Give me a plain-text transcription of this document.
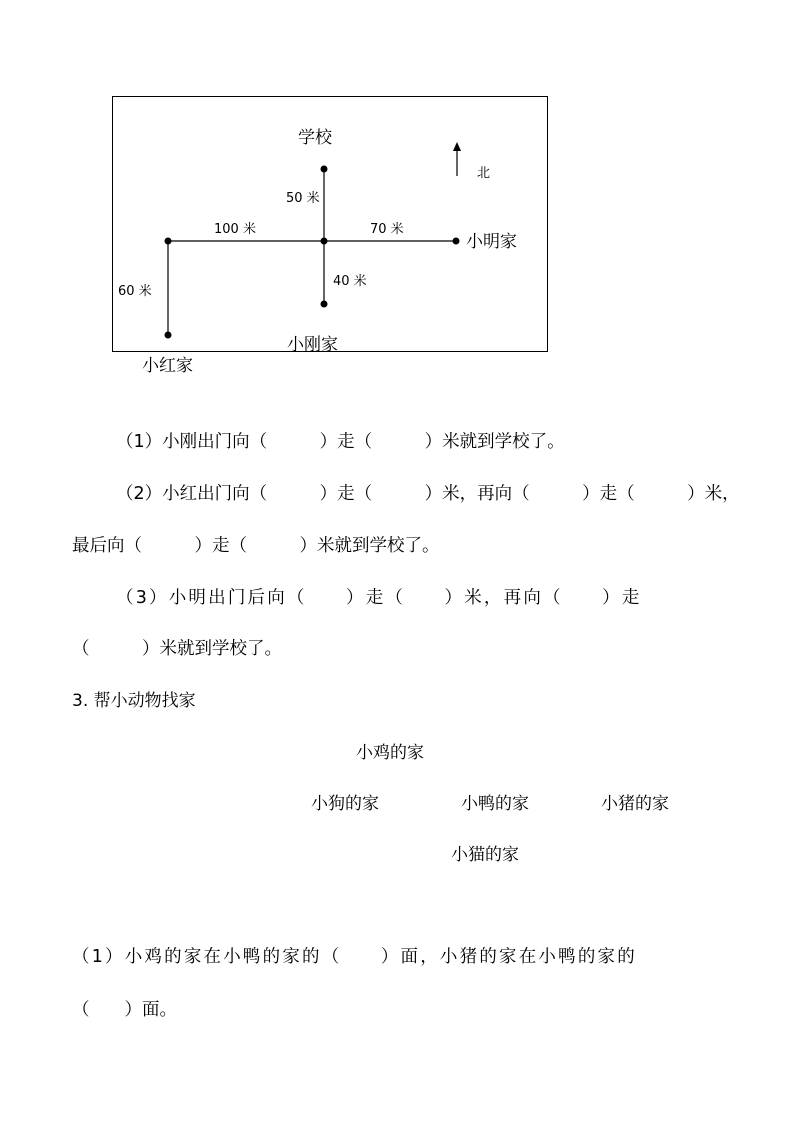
学校
北
50 米
100 米	70 米
小明家
40 米
60 米
小刚家
小红家
（1）小刚出门向（　　　）走（　　　）米就到学校了。
（2）小红出门向（　　　）走（　　　）米，再向（　　　）走（　　　）米，
最后向（　　　）走（　　　）米就到学校了。
（3）小明出门后向（　　）走（　　）米，再向（　　）走
（　　　）米就到学校了。
3. 帮小动物找家
小鸡的家
小狗的家	小鸭的家	小猪的家
小猫的家
（1）小鸡的家在小鸭的家的（　　）面，小猪的家在小鸭的家的
（　　）面。
